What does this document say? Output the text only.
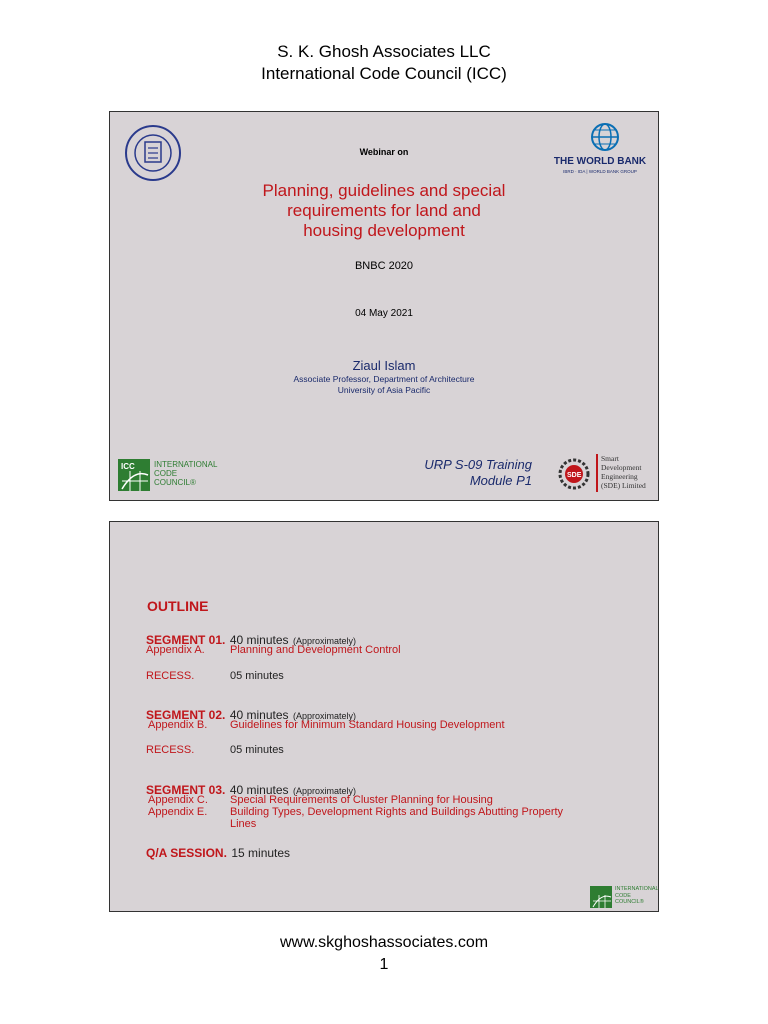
S. K. Ghosh Associates LLC
International Code Council (ICC)
Webinar on
THE WORLD BANK
IBRD · IDA | WORLD BANK GROUP
Planning, guidelines and special
requirements for land and
housing development
BNBC 2020
04 May 2021
Ziaul Islam
Associate Professor, Department of Architecture
University of Asia Pacific
ICC INTERNATIONAL
CODE
COUNCIL®
URP S-09 Training
Module P1	SDE
Smart
Development
Engineering
(SDE) Limited
OUTLINE
SEGMENT 01. 40 minutes (Approximately)
Appendix A. Planning and Development Control
RECESS.	05 minutes
SEGMENT 02. 40 minutes (Approximately)
Appendix B. Guidelines for Minimum Standard Housing Development
RECESS.	05 minutes
SEGMENT 03. 40 minutes (Approximately)
Appendix C. Special Requirements of Cluster Planning for Housing
Appendix E. Building Types, Development Rights and Buildings Abutting Property
Lines
Q/A SESSION. 15 minutes
INTERNATIONAL
CODE
COUNCIL®
www.skghoshassociates.com
1
